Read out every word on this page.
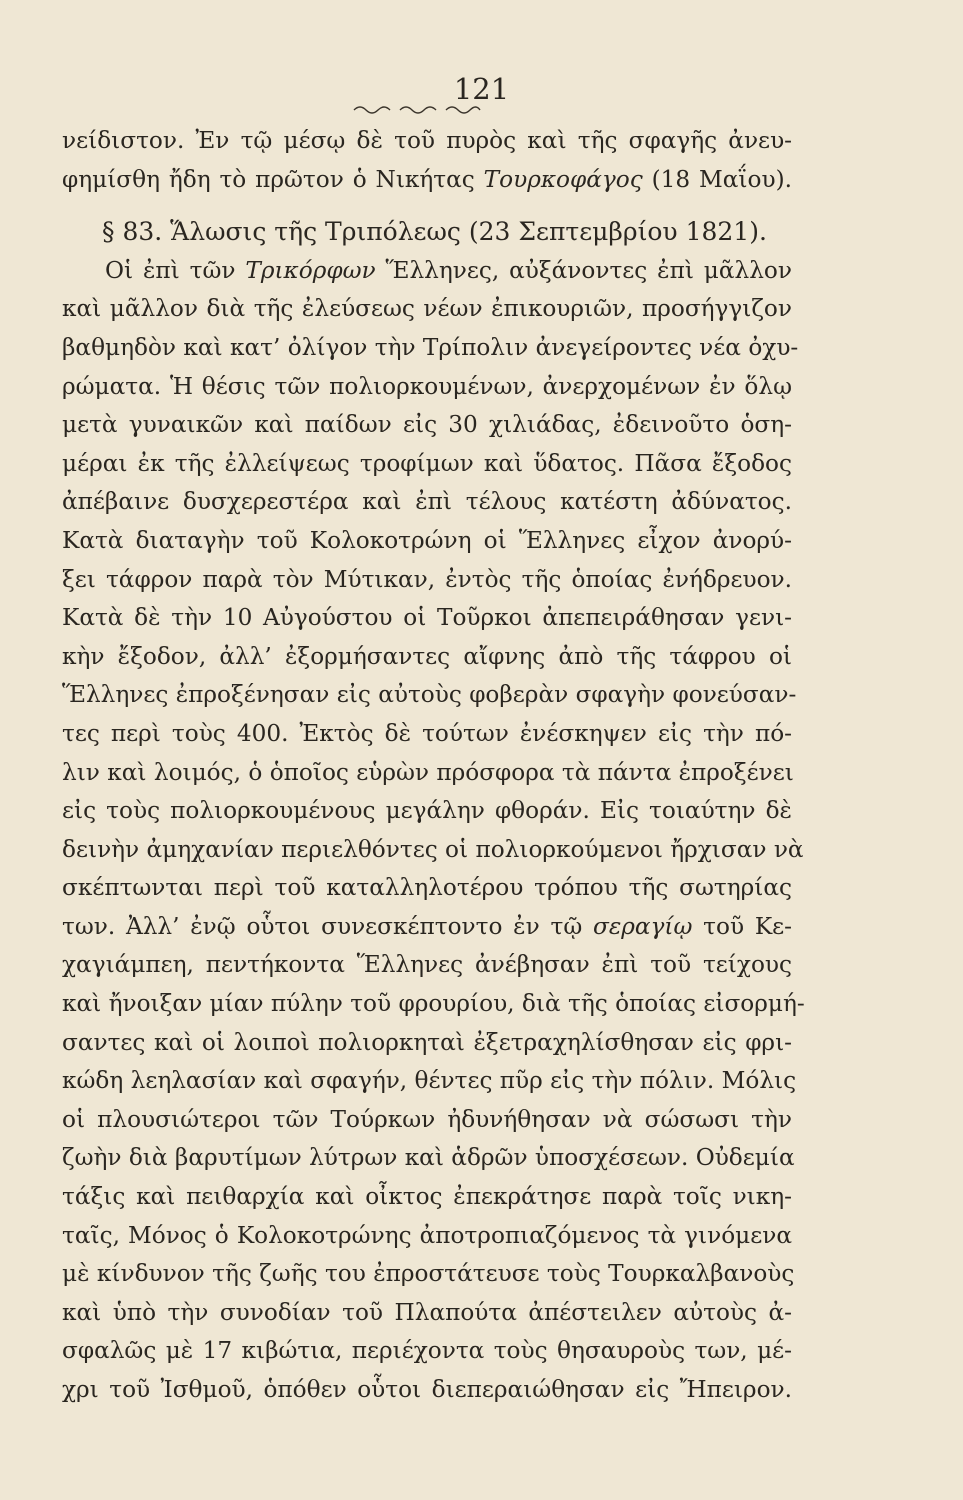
121
νείδιστον. Ἐν τῷ μέσῳ δὲ τοῦ πυρὸς καὶ τῆς σφαγῆς ἀνευ-
φημίσθη ἤδη τὸ πρῶτον ὁ Νικήτας Τουρκοφάγος (18 Μαΐου).
§ 83. Ἅλωσις τῆς Τριπόλεως (23 Σεπτεμβρίου 1821).
Οἱ ἐπὶ τῶν Τρικόρφων Ἕλληνες, αὐξάνοντες ἐπὶ μᾶλλον
καὶ μᾶλλον διὰ τῆς ἐλεύσεως νέων ἐπικουριῶν, προσήγγιζον
βαθμηδὸν καὶ κατ’ ὀλίγον τὴν Τρίπολιν ἀνεγείροντες νέα ὀχυ-
ρώματα. Ἡ θέσις τῶν πολιορκουμένων, ἀνερχομένων ἐν ὅλῳ
μετὰ γυναικῶν καὶ παίδων εἰς 30 χιλιάδας, ἐδεινοῦτο ὁση-
μέραι ἐκ τῆς ἐλλείψεως τροφίμων καὶ ὕδατος. Πᾶσα ἔξοδος
ἀπέβαινε δυσχερεστέρα καὶ ἐπὶ τέλους κατέστη ἀδύνατος.
Κατὰ διαταγὴν τοῦ Κολοκοτρώνη οἱ Ἕλληνες εἶχον ἀνορύ-
ξει τάφρον παρὰ τὸν Μύτικαν, ἐντὸς τῆς ὁποίας ἐνήδρευον.
Κατὰ δὲ τὴν 10 Αὐγούστου οἱ Τοῦρκοι ἀπεπειράθησαν γενι-
κὴν ἔξοδον, ἀλλ’ ἐξορμήσαντες αἴφνης ἀπὸ τῆς τάφρου οἱ
Ἕλληνες ἐπροξένησαν εἰς αὐτοὺς φοβερὰν σφαγὴν φονεύσαν-
τες περὶ τοὺς 400. Ἐκτὸς δὲ τούτων ἐνέσκηψεν εἰς τὴν πό-
λιν καὶ λοιμός, ὁ ὁποῖος εὑρὼν πρόσφορα τὰ πάντα ἐπροξένει
εἰς τοὺς πολιορκουμένους μεγάλην φθοράν. Εἰς τοιαύτην δὲ
δεινὴν ἀμηχανίαν περιελθόντες οἱ πολιορκούμενοι ἤρχισαν νὰ
σκέπτωνται περὶ τοῦ καταλληλοτέρου τρόπου τῆς σωτηρίας
των. Ἀλλ’ ἐνῷ οὗτοι συνεσκέπτοντο ἐν τῷ σεραγίῳ τοῦ Κε-
χαγιάμπεη, πεντήκοντα Ἕλληνες ἀνέβησαν ἐπὶ τοῦ τείχους
καὶ ἤνοιξαν μίαν πύλην τοῦ φρουρίου, διὰ τῆς ὁποίας εἰσορμή-
σαντες καὶ οἱ λοιποὶ πολιορκηταὶ ἐξετραχηλίσθησαν εἰς φρι-
κώδη λεηλασίαν καὶ σφαγήν, θέντες πῦρ εἰς τὴν πόλιν. Μόλις
οἱ πλουσιώτεροι τῶν Τούρκων ἠδυνήθησαν νὰ σώσωσι τὴν
ζωὴν διὰ βαρυτίμων λύτρων καὶ ἁδρῶν ὑποσχέσεων. Οὐδεμία
τάξις καὶ πειθαρχία καὶ οἶκτος ἐπεκράτησε παρὰ τοῖς νικη-
ταῖς, Μόνος ὁ Κολοκοτρώνης ἀποτροπιαζόμενος τὰ γινόμενα
μὲ κίνδυνον τῆς ζωῆς του ἐπροστάτευσε τοὺς Τουρκαλβανοὺς
καὶ ὑπὸ τὴν συνοδίαν τοῦ Πλαπούτα ἀπέστειλεν αὐτοὺς ἀ-
σφαλῶς μὲ 17 κιβώτια, περιέχοντα τοὺς θησαυροὺς των, μέ-
χρι τοῦ Ἰσθμοῦ, ὁπόθεν οὗτοι διεπεραιώθησαν εἰς Ἤπειρον.
